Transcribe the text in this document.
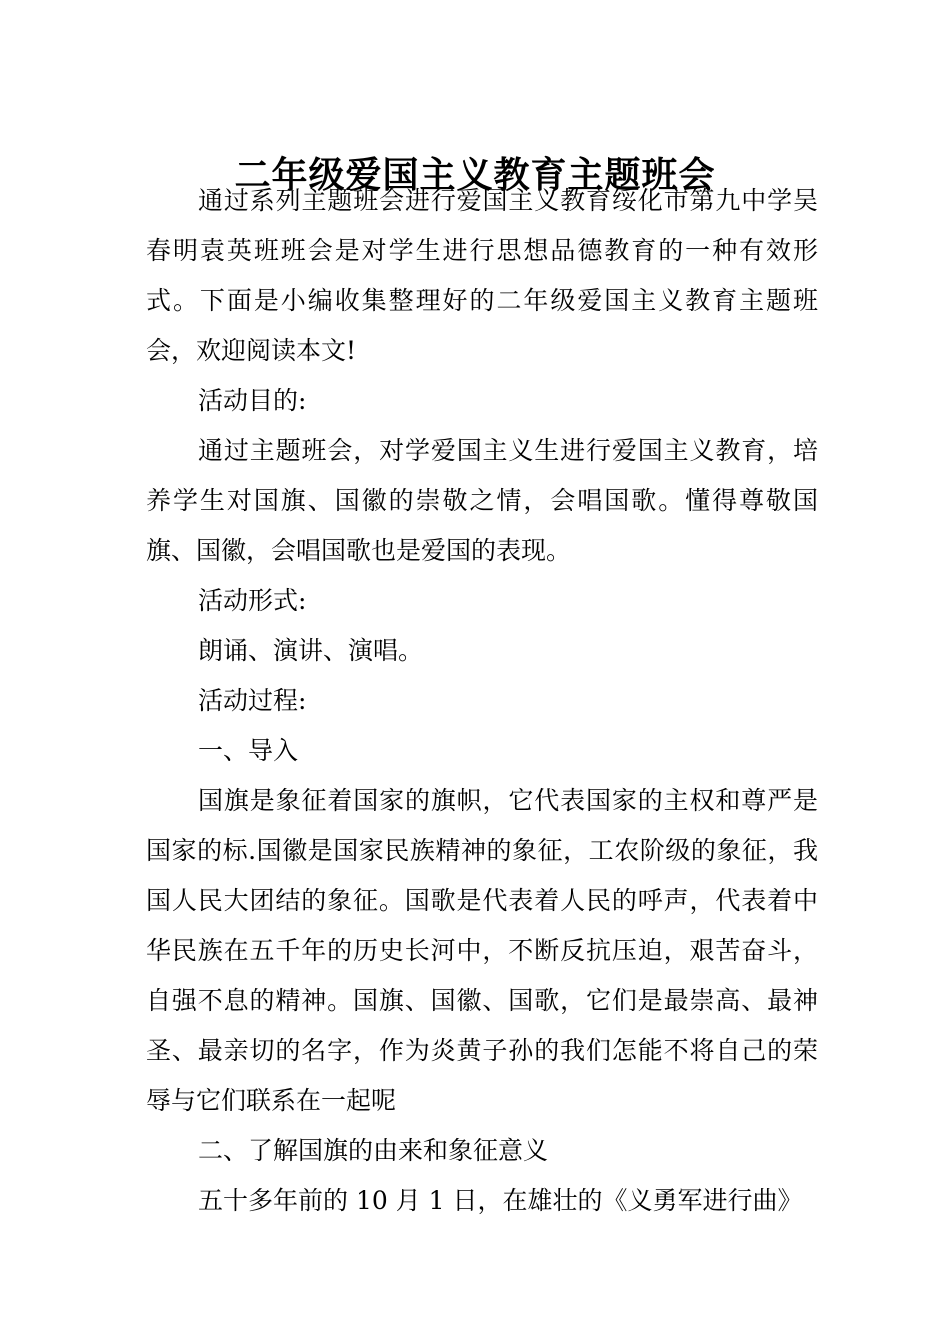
二年级爱国主义教育主题班会

通过系列主题班会进行爱国主义教育绥化市第九中学吴春明袁英班班会是对学生进行思想品德教育的一种有效形式。下面是小编收集整理好的二年级爱国主义教育主题班会，欢迎阅读本文!

活动目的:

通过主题班会，对学爱国主义生进行爱国主义教育，培养学生对国旗、国徽的崇敬之情，会唱国歌。懂得尊敬国旗、国徽，会唱国歌也是爱国的表现。

活动形式:

朗诵、演讲、演唱。

活动过程:

一、导入

国旗是象征着国家的旗帜，它代表国家的主权和尊严是国家的标.国徽是国家民族精神的象征，工农阶级的象征，我国人民大团结的象征。国歌是代表着人民的呼声，代表着中华民族在五千年的历史长河中，不断反抗压迫，艰苦奋斗，自强不息的精神。国旗、国徽、国歌，它们是最崇高、最神圣、最亲切的名字，作为炎黄子孙的我们怎能不将自己的荣辱与它们联系在一起呢

二、了解国旗的由来和象征意义

五十多年前的 10 月 1 日，在雄壮的《义勇军进行曲》
